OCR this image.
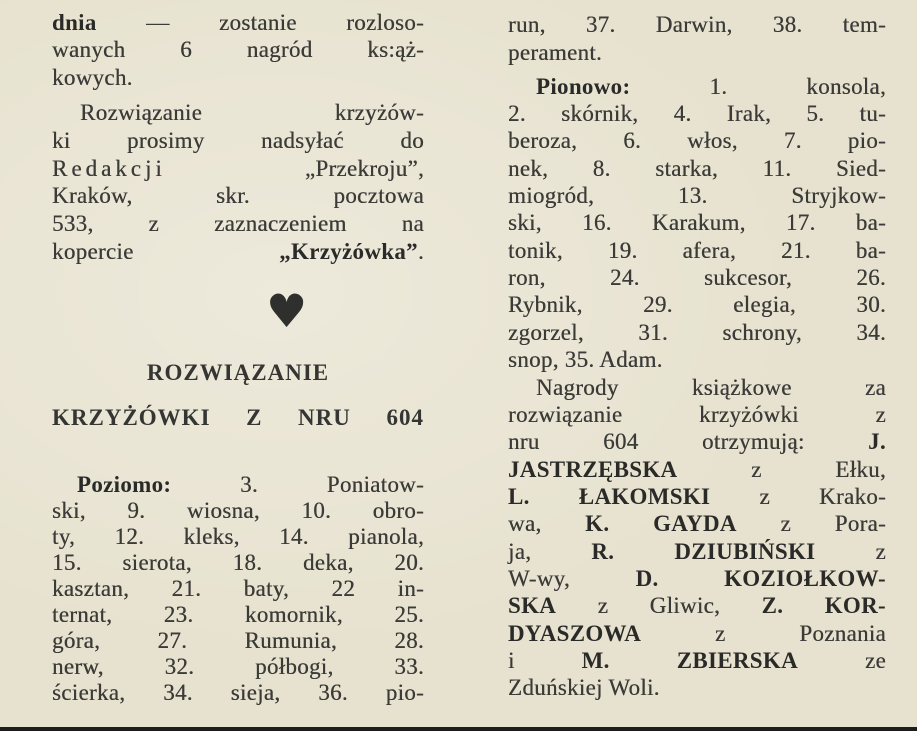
dnia — zostanie rozloso-
wanych 6 nagród ks:ąż-
kowych.
Rozwiązanie krzyżów-
ki prosimy nadsyłać do
Redakcji „Przekroju”,
Kraków, skr. pocztowa
533, z zaznaczeniem na
kopercie „Krzyżówka”.
♥
ROZWIĄZANIE
KRZYŻÓWKI Z NRU 604
Poziomo: 3. Poniatow-
ski, 9. wiosna, 10. obro-
ty, 12. kleks, 14. pianola,
15. sierota, 18. deka, 20.
kasztan, 21. baty, 22 in-
ternat, 23. komornik, 25.
góra, 27. Rumunia, 28.
nerw, 32. półbogi, 33.
ścierka, 34. sieja, 36. pio-
run, 37. Darwin, 38. tem-
perament.
Pionowo: 1. konsola,
2. skórnik, 4. Irak, 5. tu-
beroza, 6. włos, 7. pio-
nek, 8. starka, 11. Sied-
miogród, 13. Stryjkow-
ski, 16. Karakum, 17. ba-
tonik, 19. afera, 21. ba-
ron, 24. sukcesor, 26.
Rybnik, 29. elegia, 30.
zgorzel, 31. schrony, 34.
snop, 35. Adam.
Nagrody książkowe za
rozwiązanie krzyżówki z
nru 604 otrzymują: J.
JASTRZĘBSKA z Ełku,
L. ŁAKOMSKI z Krako-
wa, K. GAYDA z Pora-
ja, R. DZIUBIŃSKI z
W-wy, D. KOZIOŁKOW-
SKA z Gliwic, Z. KOR-
DYASZOWA z Poznania
i M. ZBIERSKA ze
Zduńskiej Woli.
